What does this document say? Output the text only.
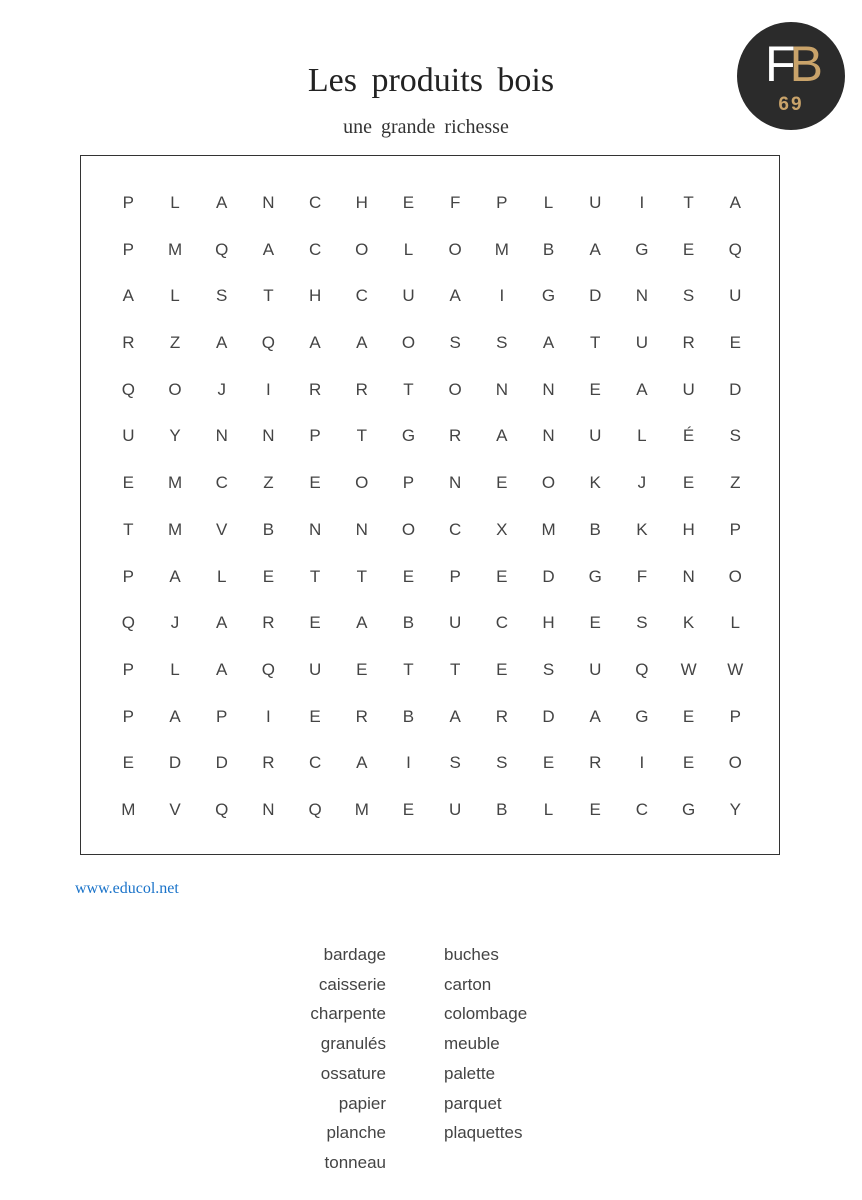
Les produits bois
une grande richesse
FB
69
P	L	A	N	C	H	E	F	P	L	U	I	T	A
P	M	Q	A	C	O	L	O	M	B	A	G	E	Q
A	L	S	T	H	C	U	A	I	G	D	N	S	U
R	Z	A	Q	A	A	O	S	S	A	T	U	R	E
Q	O	J	I	R	R	T	O	N	N	E	A	U	D
U	Y	N	N	P	T	G	R	A	N	U	L	É	S
E	M	C	Z	E	O	P	N	E	O	K	J	E	Z
T	M	V	B	N	N	O	C	X	M	B	K	H	P
P	A	L	E	T	T	E	P	E	D	G	F	N	O
Q	J	A	R	E	A	B	U	C	H	E	S	K	L
P	L	A	Q	U	E	T	T	E	S	U	Q	W	W
P	A	P	I	E	R	B	A	R	D	A	G	E	P
E	D	D	R	C	A	I	S	S	E	R	I	E	O
M	V	Q	N	Q	M	E	U	B	L	E	C	G	Y
www.educol.net
bardage
caisserie
charpente
granulés
ossature
papier
planche
tonneau
buches
carton
colombage
meuble
palette
parquet
plaquettes
